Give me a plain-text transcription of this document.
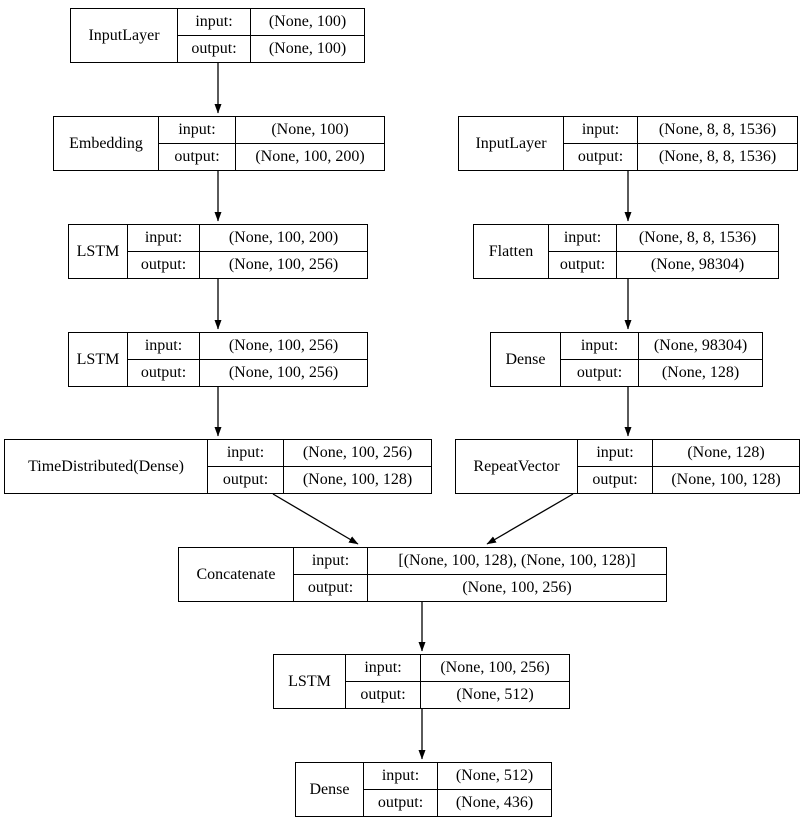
InputLayer
input:	(None, 100)
output:	(None, 100)
Embedding
input:	(None, 100)
output:	(None, 100, 200)
LSTM
input:	(None, 100, 200)
output:	(None, 100, 256)
LSTM
input:	(None, 100, 256)
output:	(None, 100, 256)
TimeDistributed(Dense)
input:	(None, 100, 256)
output:	(None, 100, 128)
InputLayer
input:	(None, 8, 8, 1536)
output:	(None, 8, 8, 1536)
Flatten
input:	(None, 8, 8, 1536)
output:	(None, 98304)
Dense
input:	(None, 98304)
output:	(None, 128)
RepeatVector
input:	(None, 128)
output:	(None, 100, 128)
Concatenate
input:	[(None, 100, 128), (None, 100, 128)]
output:	(None, 100, 256)
LSTM
input:	(None, 100, 256)
output:	(None, 512)
Dense
input:	(None, 512)
output:	(None, 436)
